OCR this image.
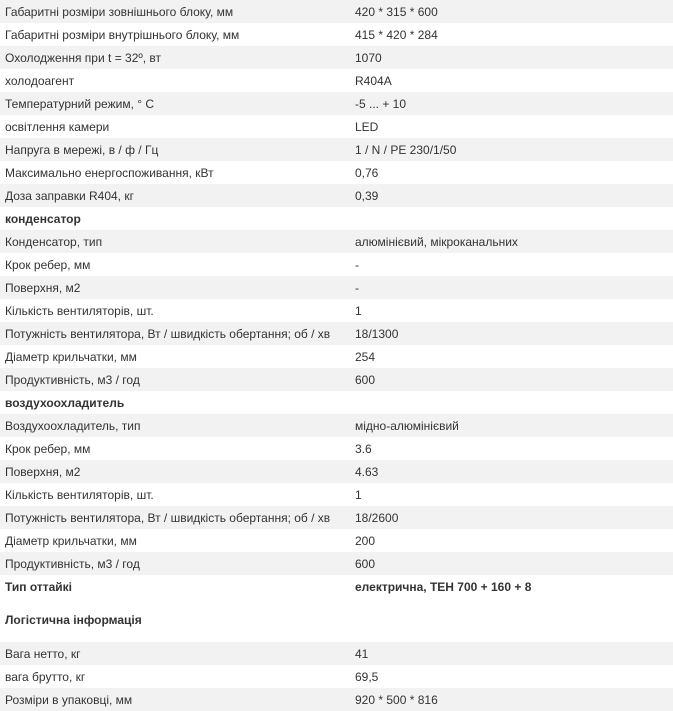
Габаритні розміри зовнішнього блоку, мм	420 * 315 * 600
Габаритні розміри внутрішнього блоку, мм	415 * 420 * 284
Охолодження при t = 32º, вт	1070
холодоагент	R404A
Температурний режим, ° С	-5 ... + 10
освітлення камери	LED
Напруга в мережі, в / ф / Гц	1 / N / PE 230/1/50
Максимально енергоспоживання, кВт	0,76
Доза заправки R404, кг	0,39
конденсатор
Конденсатор, тип	алюмінієвий, мікроканальних
Крок ребер, мм	-
Поверхня, м2	-
Кількість вентиляторів, шт.	1
Потужність вентилятора, Вт / швидкість обертання; об / хв	18/1300
Діаметр крильчатки, мм	254
Продуктивність, м3 / год	600
воздухоохладитель
Воздухоохладитель, тип	мідно-алюмінієвий
Крок ребер, мм	3.6
Поверхня, м2	4.63
Кількість вентиляторів, шт.	1
Потужність вентилятора, Вт / швидкість обертання; об / хв	18/2600
Діаметр крильчатки, мм	200
Продуктивність, м3 / год	600
Тип оттайкі	електрична, ТЕН 700 + 160 + 8
Логістична інформація
Вага нетто, кг	41
вага брутто, кг	69,5
Розміри в упаковці, мм	920 * 500 * 816
